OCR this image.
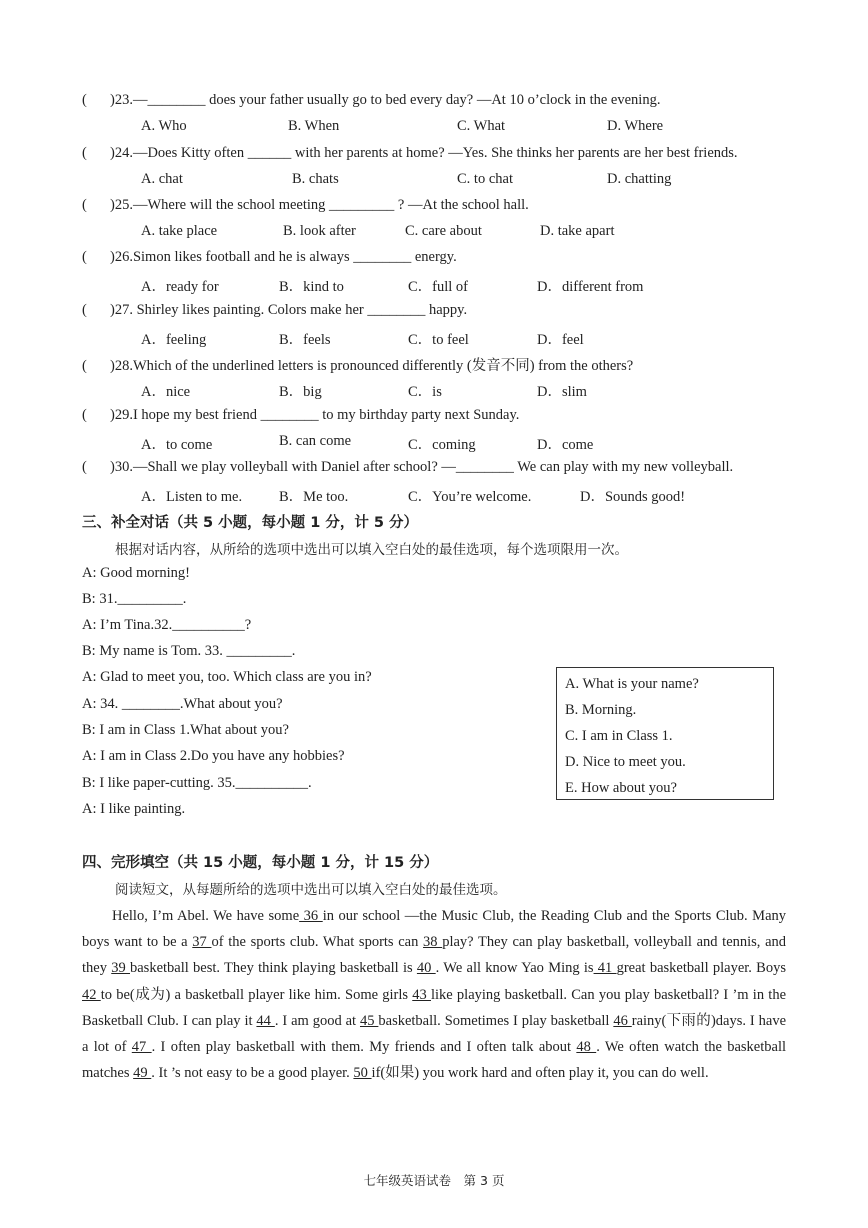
( )23.—________ does your father usually go to bed every day? —At 10 o’clock in the evening.
A. Who	B. When	C. What	D. Where
( )24.—Does Kitty often ______ with her parents at home? —Yes. She thinks her parents are her best friends.
A. chat	B. chats	C. to chat	D. chatting
( )25.—Where will the school meeting _________ ? —At the school hall.
A. take place	B. look after	C. care about	D. take apart
( )26.Simon likes football and he is always ________ energy.
A．ready for	B．kind to	C．full of	D．different from
( )27. Shirley likes painting. Colors make her ________ happy.
A．feeling	B．feels	C．to feel	D．feel
( )28.Which of the underlined letters is pronounced differently (发音不同) from the others?
A．nice	B．big	C．is	D．slim
( )29.I hope my best friend ________ to my birthday party next Sunday.
A．to come	B. can come	C．coming	D．come
( )30.—Shall we play volleyball with Daniel after school? —________ We can play with my new volleyball.
A．Listen to me.	B．Me too.	C．You’re welcome.	D．Sounds good!
三、补全对话（共 5 小题，每小题 1 分，计 5 分）
根据对话内容，从所给的选项中选出可以填入空白处的最佳选项，每个选项限用一次。
A: Good morning!
B: 31._________.
A: I’m Tina.32.__________?
B: My name is Tom. 33. _________.
A: Glad to meet you, too. Which class are you in?
A: 34. ________.What about you?
B: I am in Class 1.What about you?
A: I am in Class 2.Do you have any hobbies?
B: I like paper-cutting. 35.__________.
A: I like painting.
A. What is your name?
B. Morning.
C. I am in Class 1.
D. Nice to meet you.
E. How about you?
四、完形填空（共 15 小题，每小题 1 分，计 15 分）
阅读短文，从每题所给的选项中选出可以填入空白处的最佳选项。
Hello, I’m Abel. We have some 36 in our school —the Music Club, the Reading Club and the Sports Club. Many boys want to be a 37 of the sports club. What sports can 38 play? They can play basketball, volleyball and tennis, and they 39 basketball best. They think playing basketball is 40 . We all know Yao Ming is 41 great basketball player. Boys 42 to be(成为) a basketball player like him. Some girls 43 like playing basketball. Can you play basketball? I ’m in the Basketball Club. I can play it 44 . I am good at 45 basketball. Sometimes I play basketball 46 rainy(下雨的)days. I have a lot of 47 . I often play basketball with them. My friends and I often talk about 48 . We often watch the basketball matches 49 . It ’s not easy to be a good player. 50 if(如果) you work hard and often play it, you can do well.
七年级英语试卷　第 3 页
